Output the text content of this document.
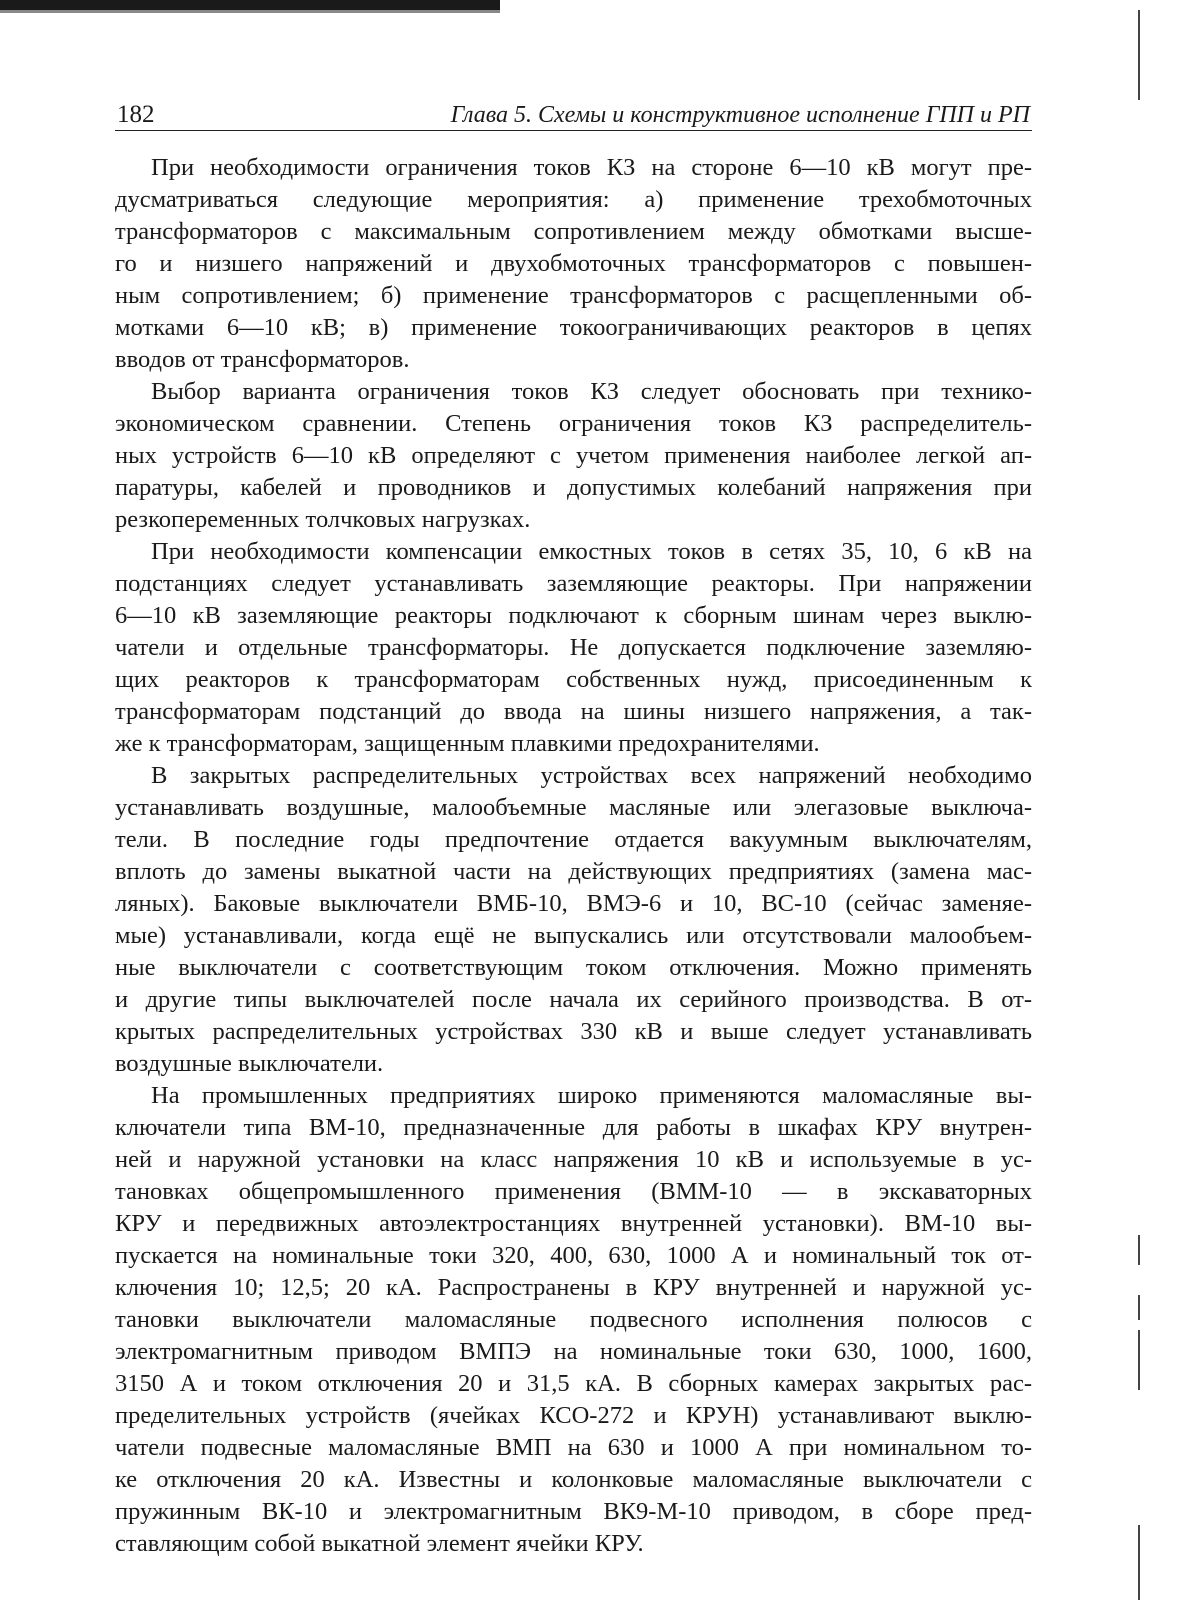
182	Глава 5. Схемы и конструктивное исполнение ГПП и РП
При необходимости ограничения токов КЗ на стороне 6—10 кВ могут пре-
дусматриваться следующие мероприятия: а) применение трехобмоточных
трансформаторов с максимальным сопротивлением между обмотками высше-
го и низшего напряжений и двухобмоточных трансформаторов с повышен-
ным сопротивлением; б) применение трансформаторов с расщепленными об-
мотками 6—10 кВ; в) применение токоограничивающих реакторов в цепях
вводов от трансформаторов.
Выбор варианта ограничения токов КЗ следует обосновать при технико-
экономическом сравнении. Степень ограничения токов КЗ распределитель-
ных устройств 6—10 кВ определяют с учетом применения наиболее легкой ап-
паратуры, кабелей и проводников и допустимых колебаний напряжения при
резкопеременных толчковых нагрузках.
При необходимости компенсации емкостных токов в сетях 35, 10, 6 кВ на
подстанциях следует устанавливать заземляющие реакторы. При напряжении
6—10 кВ заземляющие реакторы подключают к сборным шинам через выклю-
чатели и отдельные трансформаторы. Не допускается подключение заземляю-
щих реакторов к трансформаторам собственных нужд, присоединенным к
трансформаторам подстанций до ввода на шины низшего напряжения, а так-
же к трансформаторам, защищенным плавкими предохранителями.
В закрытых распределительных устройствах всех напряжений необходимо
устанавливать воздушные, малообъемные масляные или элегазовые выключа-
тели. В последние годы предпочтение отдается вакуумным выключателям,
вплоть до замены выкатной части на действующих предприятиях (замена мас-
ляных). Баковые выключатели ВМБ-10, ВМЭ-6 и 10, ВС-10 (сейчас заменяе-
мые) устанавливали, когда ещё не выпускались или отсутствовали малообъем-
ные выключатели с соответствующим током отключения. Можно применять
и другие типы выключателей после начала их серийного производства. В от-
крытых распределительных устройствах 330 кВ и выше следует устанавливать
воздушные выключатели.
На промышленных предприятиях широко применяются маломасляные вы-
ключатели типа ВМ-10, предназначенные для работы в шкафах КРУ внутрен-
ней и наружной установки на класс напряжения 10 кВ и используемые в ус-
тановках общепромышленного применения (ВММ-10 — в экскаваторных
КРУ и передвижных автоэлектростанциях внутренней установки). ВМ-10 вы-
пускается на номинальные токи 320, 400, 630, 1000 А и номинальный ток от-
ключения 10; 12,5; 20 кА. Распространены в КРУ внутренней и наружной ус-
тановки выключатели маломасляные подвесного исполнения полюсов с
электромагнитным приводом ВМПЭ на номинальные токи 630, 1000, 1600,
3150 А и током отключения 20 и 31,5 кА. В сборных камерах закрытых рас-
пределительных устройств (ячейках КСО-272 и КРУН) устанавливают выклю-
чатели подвесные маломасляные ВМП на 630 и 1000 А при номинальном то-
ке отключения 20 кА. Известны и колонковые маломасляные выключатели с
пружинным ВК-10 и электромагнитным ВК9-М-10 приводом, в сборе пред-
ставляющим собой выкатной элемент ячейки КРУ.
